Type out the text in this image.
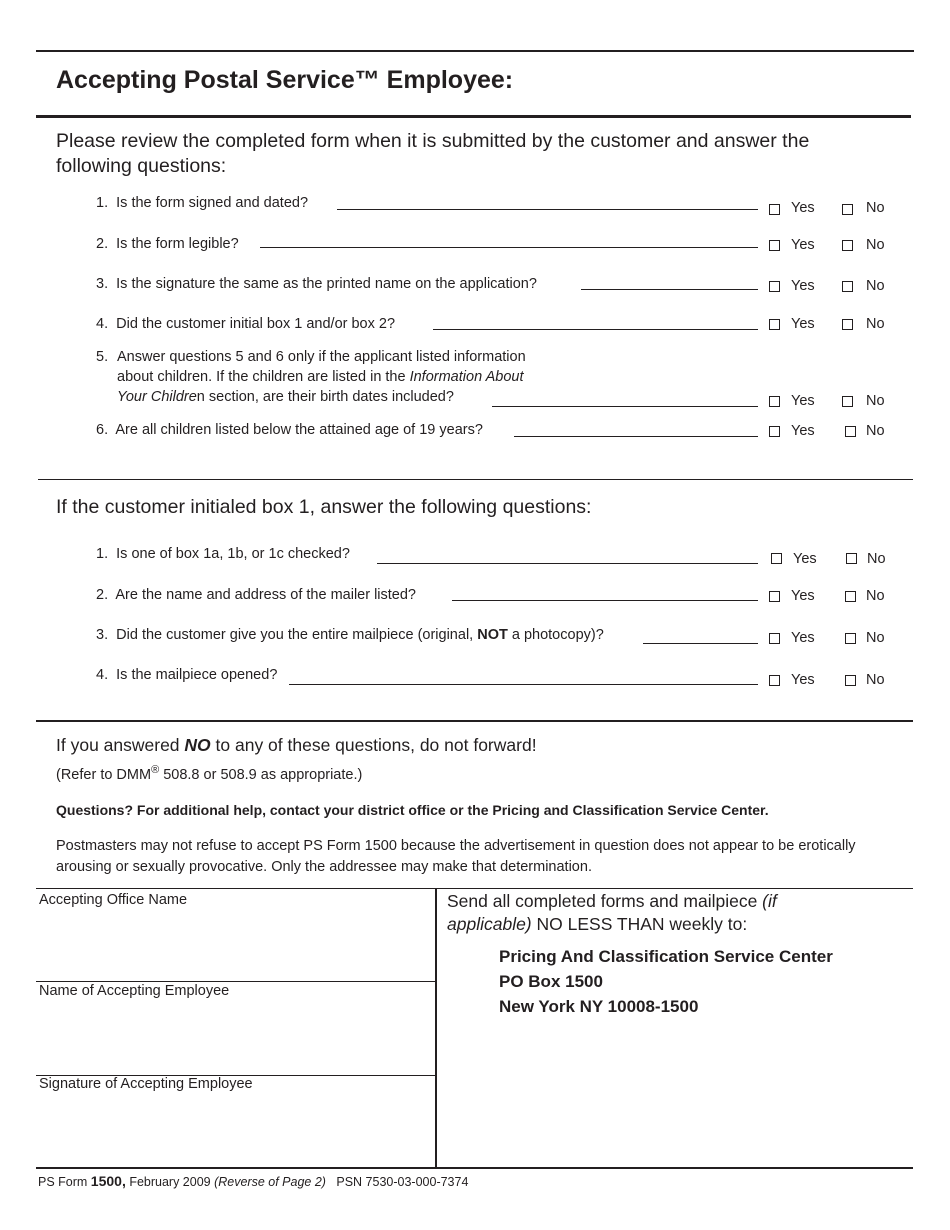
Accepting Postal Service™ Employee:
Please review the completed form when it is submitted by the customer and answer the following questions:
1. Is the form signed and dated?	Yes	No
2. Is the form legible?	Yes	No
3. Is the signature the same as the printed name on the application?	Yes	No
4. Did the customer initial box 1 and/or box 2?	Yes	No
5. Answer questions 5 and 6 only if the applicant listed information
about children. If the children are listed in the Information About
Your Children section, are their birth dates included?	Yes	No
6. Are all children listed below the attained age of 19 years?	Yes	No
If the customer initialed box 1, answer the following questions:
1. Is one of box 1a, 1b, or 1c checked?	Yes	No
2. Are the name and address of the mailer listed?	Yes	No
3. Did the customer give you the entire mailpiece (original, NOT a photocopy)?	Yes	No
4. Is the mailpiece opened?	Yes	No
If you answered NO to any of these questions, do not forward!
(Refer to DMM® 508.8 or 508.9 as appropriate.)
Questions? For additional help, contact your district office or the Pricing and Classification Service Center.
Postmasters may not refuse to accept PS Form 1500 because the advertisement in question does not appear to be erotically arousing or sexually provocative. Only the addressee may make that determination.
Accepting Office Name
Name of Accepting Employee
Signature of Accepting Employee
Send all completed forms and mailpiece (if
applicable) NO LESS THAN weekly to:
Pricing And Classification Service Center
PO Box 1500
New York NY 10008-1500
PS Form 1500, February 2009 (Reverse of Page 2)   PSN 7530-03-000-7374
